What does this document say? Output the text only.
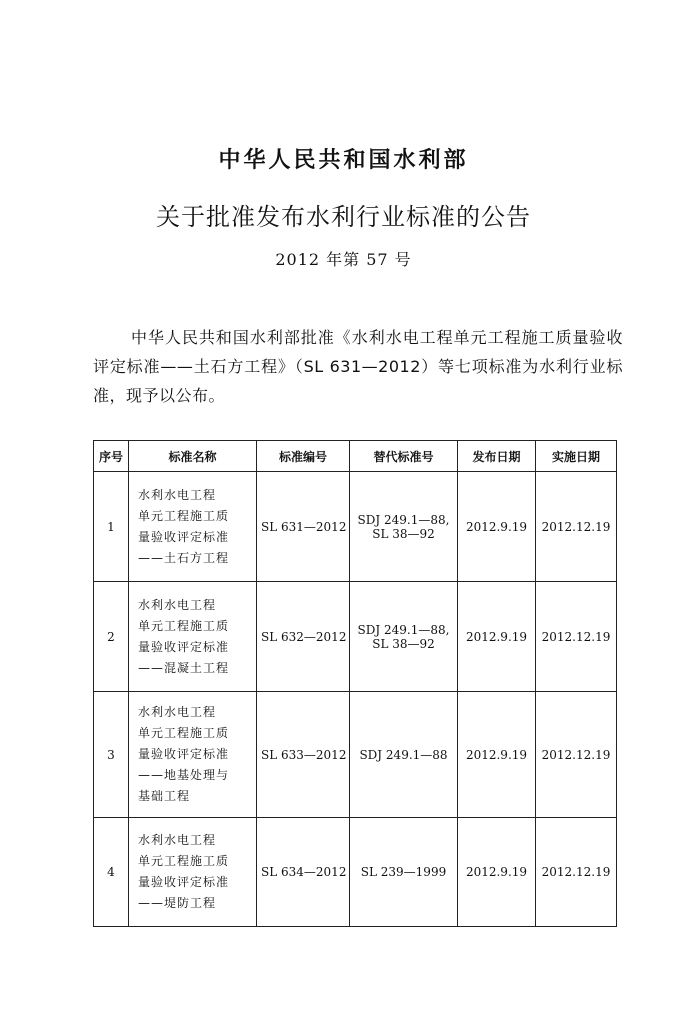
中华人民共和国水利部
关于批准发布水利行业标准的公告
2012 年第 57 号
中华人民共和国水利部批准《水利水电工程单元工程施工质量验收评定标准——土石方工程》（SL 631—2012）等七项标准为水利行业标准，现予以公布。
序号	标准名称	标准编号	替代标准号	发布日期	实施日期
1	水利水电工程
单元工程施工质
量验收评定标准
——土石方工程	SL 631—2012	SDJ 249.1—88,
SL 38—92	2012.9.19	2012.12.19
2	水利水电工程
单元工程施工质
量验收评定标准
——混凝土工程	SL 632—2012	SDJ 249.1—88,
SL 38—92	2012.9.19	2012.12.19
3	水利水电工程
单元工程施工质
量验收评定标准
——地基处理与
基础工程	SL 633—2012	SDJ 249.1—88	2012.9.19	2012.12.19
4	水利水电工程
单元工程施工质
量验收评定标准
——堤防工程	SL 634—2012	SL 239—1999	2012.9.19	2012.12.19
